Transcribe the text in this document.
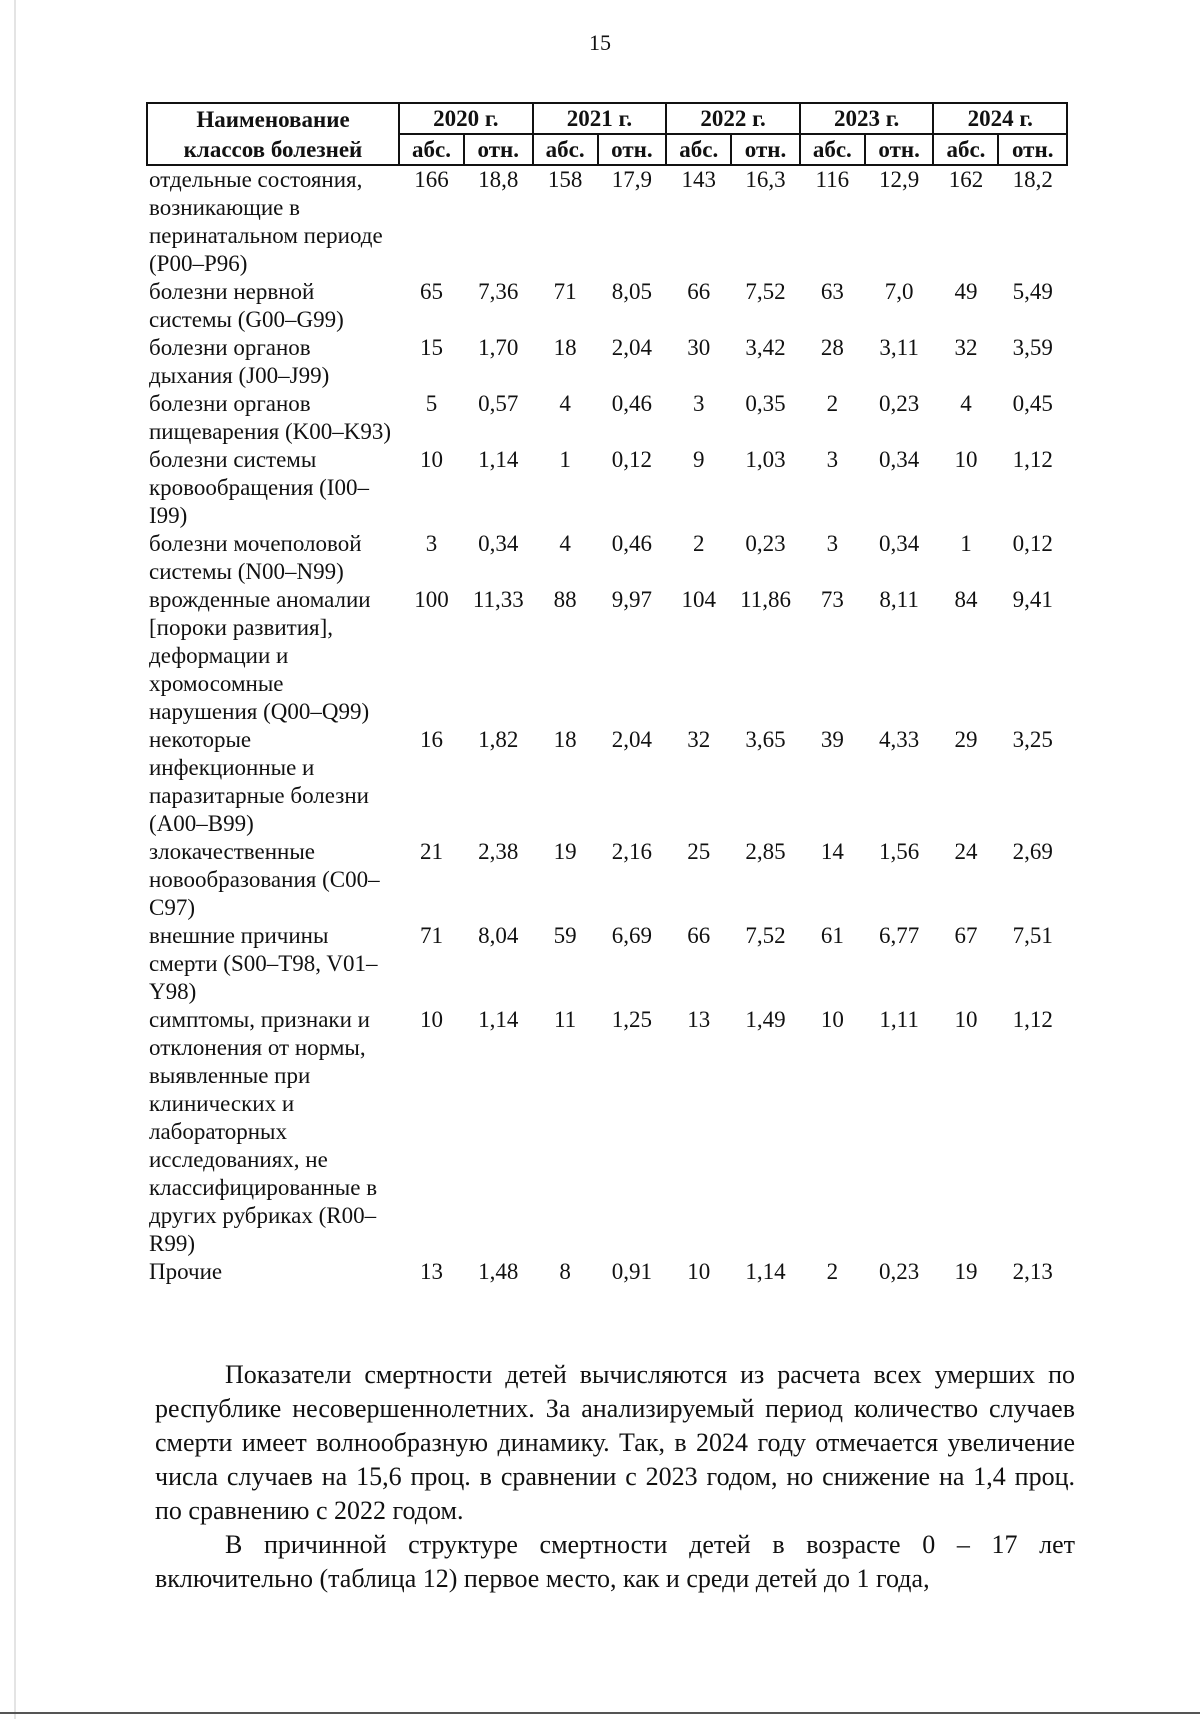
15
Наименование	2020 г.		2021 г.		2022 г.		2023 г.		2024 г.	
классов болезней	абс.	отн.	абс.	отн.	абс.	отн.	абс.	отн.	абс.	отн.
отдельные состояния, возникающие в перинатальном периоде (P00–P96)	166	18,8	158	17,9	143	16,3	116	12,9	162	18,2
болезни нервной системы (G00–G99)	65	7,36	71	8,05	66	7,52	63	7,0	49	5,49
болезни органов дыхания (J00–J99)	15	1,70	18	2,04	30	3,42	28	3,11	32	3,59
болезни органов пищеварения (K00–K93)	5	0,57	4	0,46	3	0,35	2	0,23	4	0,45
болезни системы кровообращения (I00–I99)	10	1,14	1	0,12	9	1,03	3	0,34	10	1,12
болезни мочеполовой системы (N00–N99)	3	0,34	4	0,46	2	0,23	3	0,34	1	0,12
врожденные аномалии [пороки развития], деформации и хромосомные нарушения (Q00–Q99)	100	11,33	88	9,97	104	11,86	73	8,11	84	9,41
некоторые инфекционные и паразитарные болезни (A00–B99)	16	1,82	18	2,04	32	3,65	39	4,33	29	3,25
злокачественные новообразования (C00–C97)	21	2,38	19	2,16	25	2,85	14	1,56	24	2,69
внешние причины смерти (S00–T98, V01–Y98)	71	8,04	59	6,69	66	7,52	61	6,77	67	7,51
симптомы, признаки и отклонения от нормы, выявленные при клинических и лабораторных исследованиях, не классифицированные в других рубриках (R00–R99)	10	1,14	11	1,25	13	1,49	10	1,11	10	1,12
Прочие	13	1,48	8	0,91	10	1,14	2	0,23	19	2,13
Показатели смертности детей вычисляются из расчета всех умерших по республике несовершеннолетних. За анализируемый период количество случаев смерти имеет волнообразную динамику. Так, в 2024 году отмечается увеличение числа случаев на 15,6 проц. в сравнении с 2023 годом, но снижение на 1,4 проц. по сравнению с 2022 годом.
В причинной структуре смертности детей в возрасте 0 – 17 лет включительно (таблица 12) первое место, как и среди детей до 1 года,
